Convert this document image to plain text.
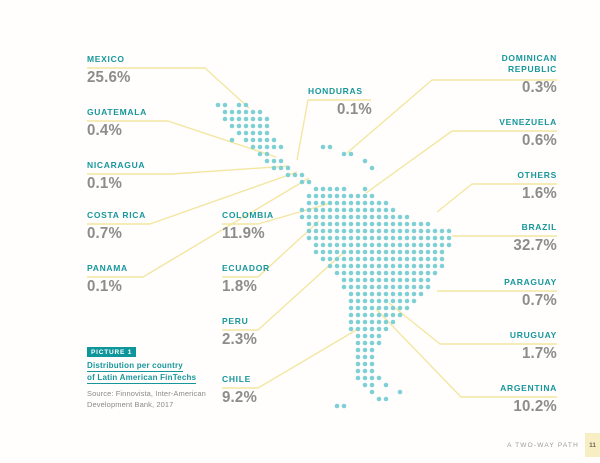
MEXICO
25.6%
GUATEMALA
0.4%
NICARAGUA
0.1%
COSTA RICA
0.7%
PANAMA
0.1%
HONDURAS
0.1%
COLOMBIA
11.9%
ECUADOR
1.8%
PERU
2.3%
CHILE
9.2%
DOMINICAN REPUBLIC
0.3%
VENEZUELA
0.6%
OTHERS
1.6%
BRAZIL
32.7%
PARAGUAY
0.7%
URUGUAY
1.7%
ARGENTINA
10.2%
PICTURE 1
Distribution per country
of Latin American FinTechs
Source: Finnovista, Inter-American
Development Bank, 2017
A TWO-WAY PATH	11
